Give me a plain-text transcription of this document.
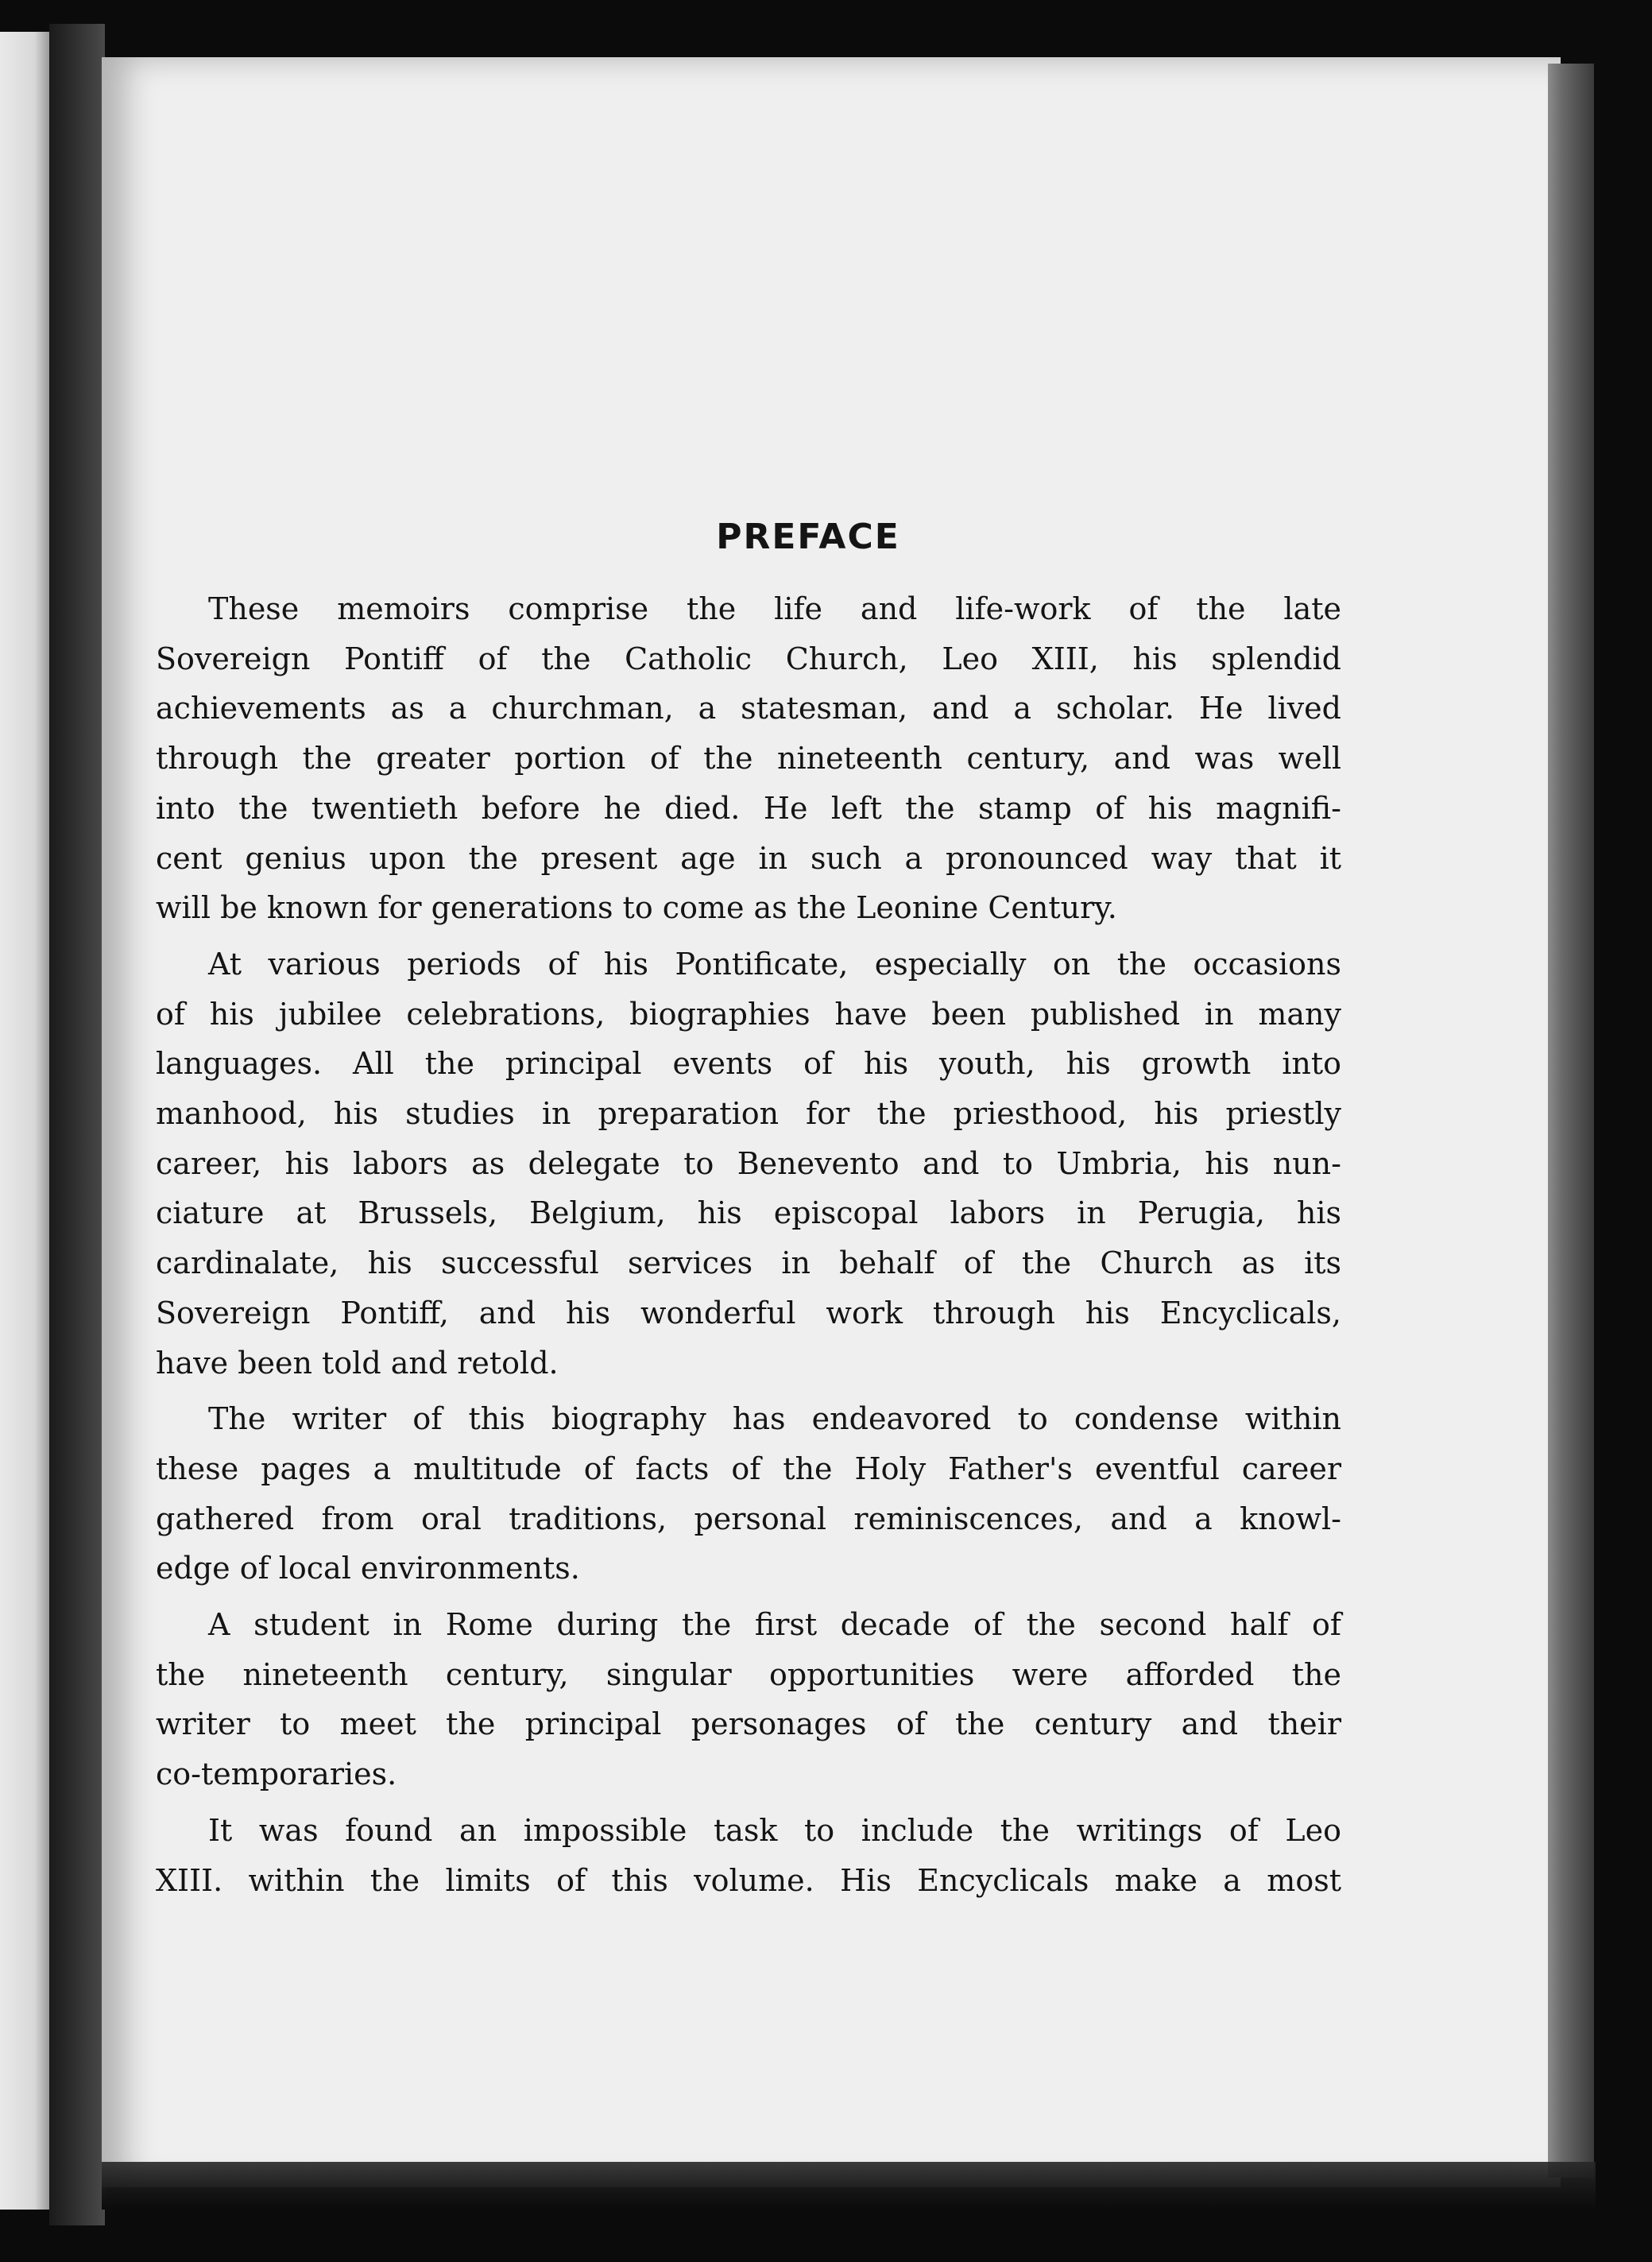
PREFACE
These memoirs comprise the life and life-work of the late
Sovereign Pontiff of the Catholic Church, Leo XIII, his splendid
achievements as a churchman, a statesman, and a scholar. He lived
through the greater portion of the nineteenth century, and was well
into the twentieth before he died. He left the stamp of his magnifi-
cent genius upon the present age in such a pronounced way that it
will be known for generations to come as the Leonine Century.
At various periods of his Pontificate, especially on the occasions
of his jubilee celebrations, biographies have been published in many
languages. All the principal events of his youth, his growth into
manhood, his studies in preparation for the priesthood, his priestly
career, his labors as delegate to Benevento and to Umbria, his nun-
ciature at Brussels, Belgium, his episcopal labors in Perugia, his
cardinalate, his successful services in behalf of the Church as its
Sovereign Pontiff, and his wonderful work through his Encyclicals,
have been told and retold.
The writer of this biography has endeavored to condense within
these pages a multitude of facts of the Holy Father's eventful career
gathered from oral traditions, personal reminiscences, and a knowl-
edge of local environments.
A student in Rome during the first decade of the second half of
the nineteenth century, singular opportunities were afforded the
writer to meet the principal personages of the century and their
co-temporaries.
It was found an impossible task to include the writings of Leo
XIII. within the limits of this volume. His Encyclicals make a most
